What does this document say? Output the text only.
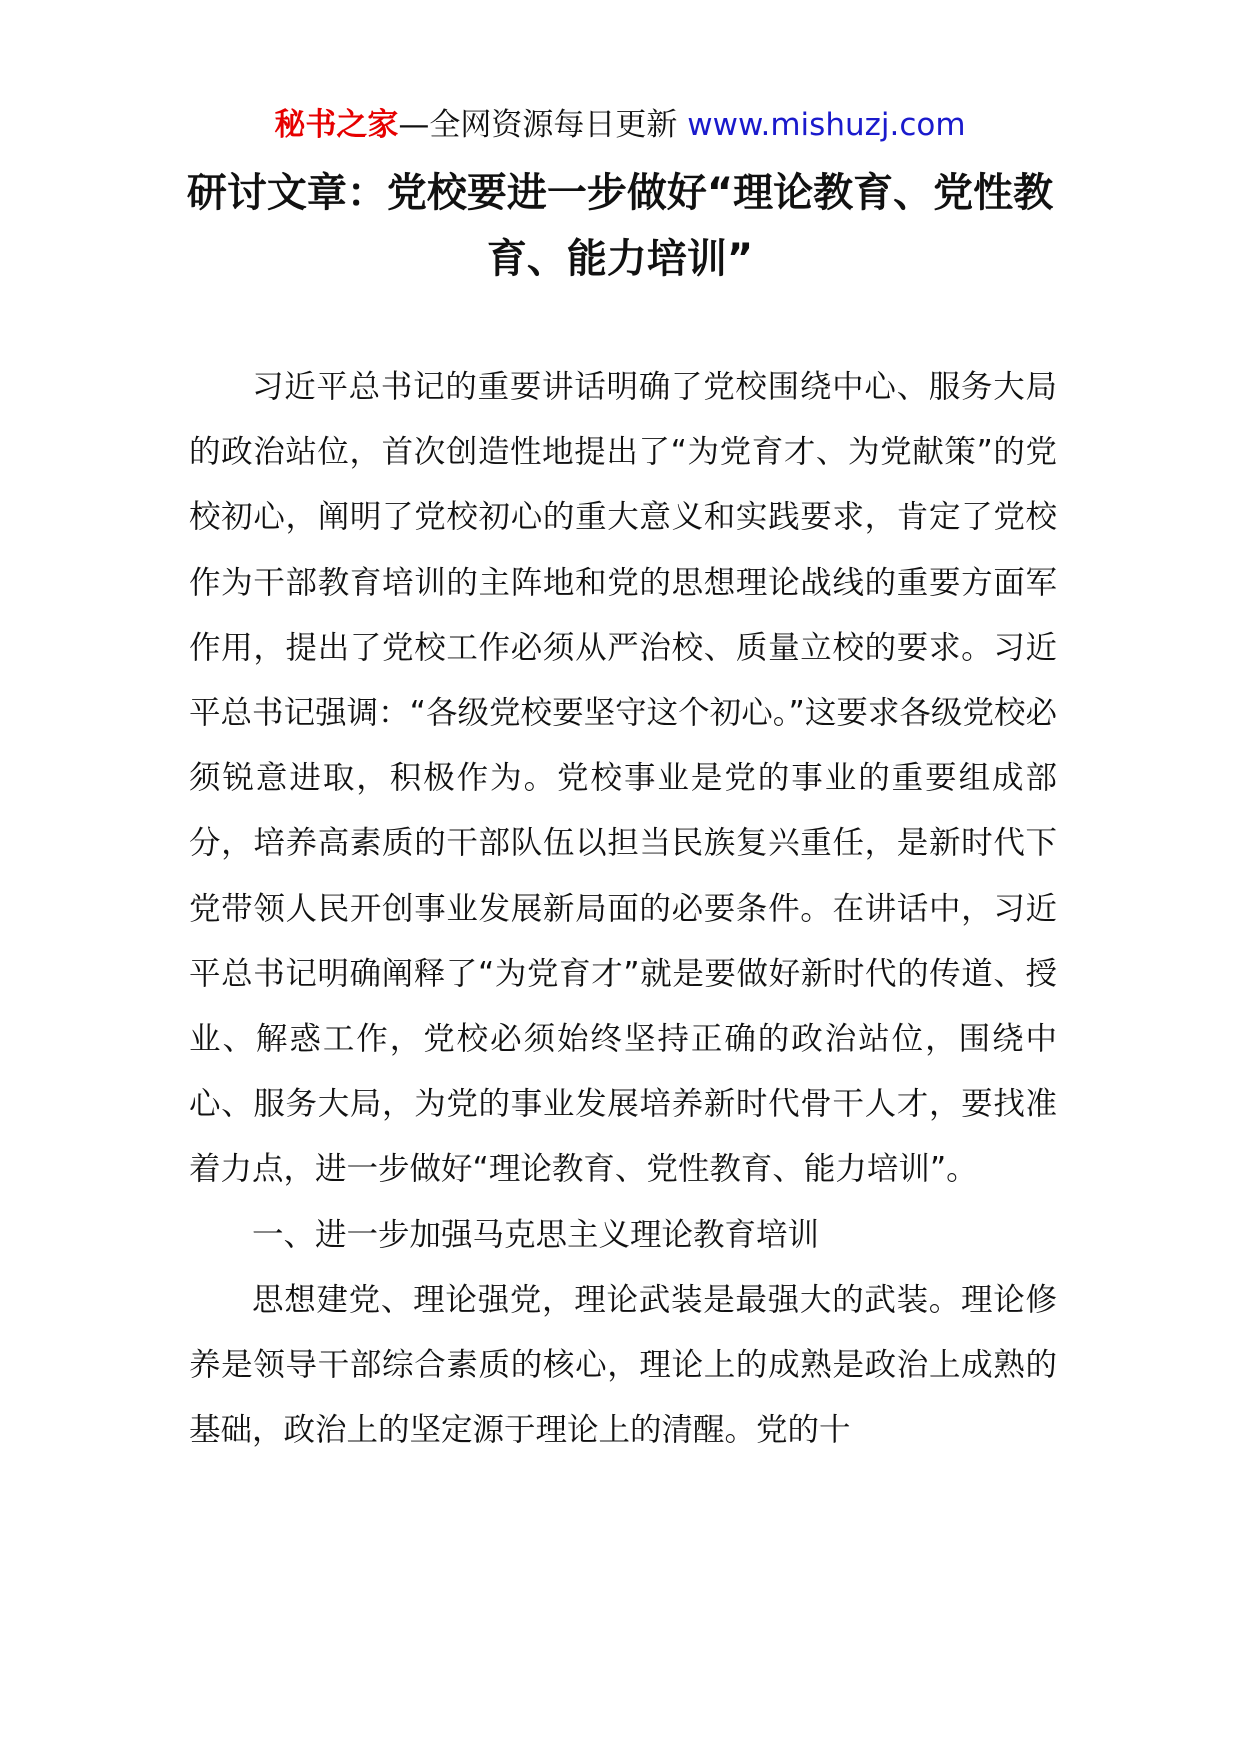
秘书之家—全网资源每日更新 www.mishuzj.com
研讨文章：党校要进一步做好“理论教育、党性教育、能力培训”

习近平总书记的重要讲话明确了党校围绕中心、服务大局的政治站位，首次创造性地提出了“为党育才、为党献策”的党校初心，阐明了党校初心的重大意义和实践要求，肯定了党校作为干部教育培训的主阵地和党的思想理论战线的重要方面军作用，提出了党校工作必须从严治校、质量立校的要求。习近平总书记强调：“各级党校要坚守这个初心。”这要求各级党校必须锐意进取，积极作为。党校事业是党的事业的重要组成部分，培养高素质的干部队伍以担当民族复兴重任，是新时代下党带领人民开创事业发展新局面的必要条件。在讲话中，习近平总书记明确阐释了“为党育才”就是要做好新时代的传道、授业、解惑工作，党校必须始终坚持正确的政治站位，围绕中心、服务大局，为党的事业发展培养新时代骨干人才，要找准着力点，进一步做好“理论教育、党性教育、能力培训”。

一、进一步加强马克思主义理论教育培训

思想建党、理论强党，理论武装是最强大的武装。理论修养是领导干部综合素质的核心，理论上的成熟是政治上成熟的基础，政治上的坚定源于理论上的清醒。党的十
